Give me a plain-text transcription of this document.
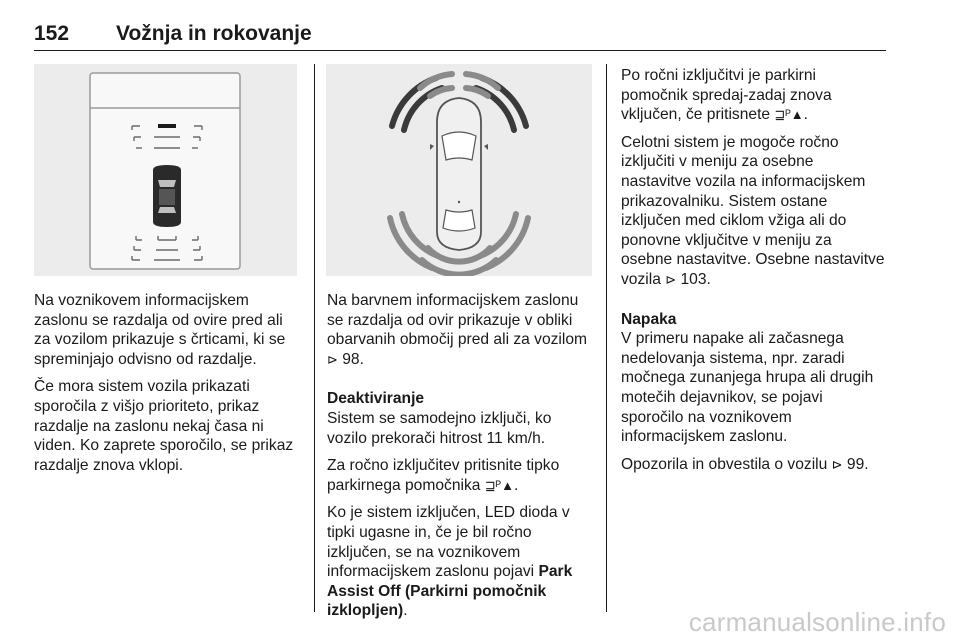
152 Vožnja in rokovanje

Na voznikovem informacijskem zaslonu se razdalja od ovire pred ali za vozilom prikazuje s črticami, ki se spreminjajo odvisno od razdalje.

Če mora sistem vozila prikazati sporočila z višjo prioriteto, prikaz razdalje na zaslonu nekaj časa ni viden. Ko zaprete sporočilo, se prikaz razdalje znova vklopi.

Na barvnem informacijskem zaslonu se razdalja od ovir prikazuje v obliki obarvanih območij pred ali za vozilom ⊳ 98.

Deaktiviranje

Sistem se samodejno izključi, ko vozilo prekorači hitrost 11 km/h.

Za ročno izključitev pritisnite tipko parkirnega pomočnika ⊒ᴾ▲.

Ko je sistem izključen, LED dioda v tipki ugasne in, če je bil ročno izključen, se na voznikovem informacijskem zaslonu pojavi Park Assist Off (Parkirni pomočnik izklopljen).

Po ročni izključitvi je parkirni pomočnik spredaj-zadaj znova vključen, če pritisnete ⊒ᴾ▲.

Celotni sistem je mogoče ročno izključiti v meniju za osebne nastavitve vozila na informacijskem prikazovalniku. Sistem ostane izključen med ciklom vžiga ali do ponovne vključitve v meniju za osebne nastavitve. Osebne nastavitve vozila ⊳ 103.

Napaka

V primeru napake ali začasnega nedelovanja sistema, npr. zaradi močnega zunanjega hrupa ali drugih motečih dejavnikov, se pojavi sporočilo na voznikovem informacijskem zaslonu.

Opozorila in obvestila o vozilu ⊳ 99.

carmanualsonline.info
